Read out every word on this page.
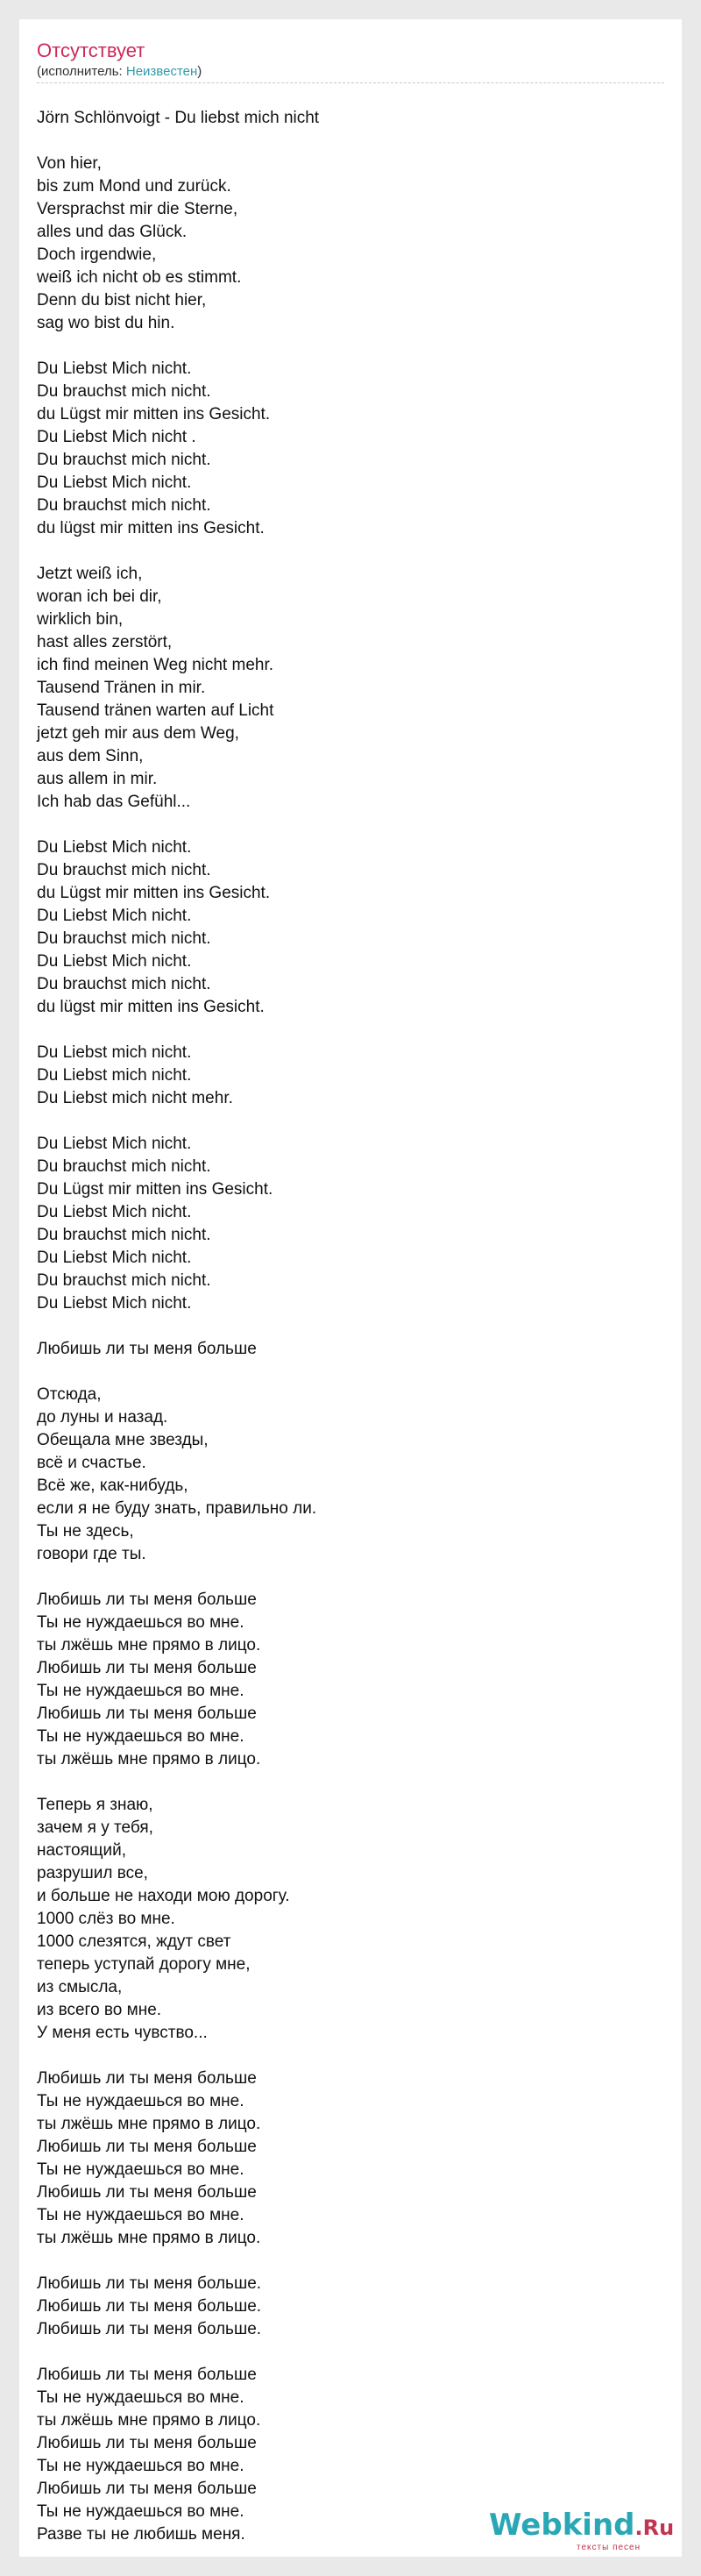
Отсутствует
(исполнитель: Неизвестен)

Jörn Schlönvoigt - Du liebst mich nicht

Von hier,
bis zum Mond und zurück.
Versprachst mir die Sterne,
alles und das Glück.
Doch irgendwie,
weiß ich nicht ob es stimmt.
Denn du bist nicht hier,
sag wo bist du hin.

Du Liebst Mich nicht.
Du brauchst mich nicht.
du Lügst mir mitten ins Gesicht.
Du Liebst Mich nicht .
Du brauchst mich nicht.
Du Liebst Mich nicht.
Du brauchst mich nicht.
du lügst mir mitten ins Gesicht.

Jetzt weiß ich,
woran ich bei dir,
wirklich bin,
hast alles zerstört,
ich find meinen Weg nicht mehr.
Tausend Tränen in mir.
Tausend tränen warten auf Licht
jetzt geh mir aus dem Weg,
aus dem Sinn,
aus allem in mir.
Ich hab das Gefühl...

Du Liebst Mich nicht.
Du brauchst mich nicht.
du Lügst mir mitten ins Gesicht.
Du Liebst Mich nicht.
Du brauchst mich nicht.
Du Liebst Mich nicht.
Du brauchst mich nicht.
du lügst mir mitten ins Gesicht.

Du Liebst mich nicht.
Du Liebst mich nicht.
Du Liebst mich nicht mehr.

Du Liebst Mich nicht.
Du brauchst mich nicht.
Du Lügst mir mitten ins Gesicht.
Du Liebst Mich nicht.
Du brauchst mich nicht.
Du Liebst Mich nicht.
Du brauchst mich nicht.
Du Liebst Mich nicht.

Любишь ли ты меня больше

Отсюда,
до луны и назад.
Обещала мне звезды,
всё и счастье.
Всё же, как-нибудь,
если я не буду знать, правильно ли.
Ты не здесь,
говори где ты.

Любишь ли ты меня больше
Ты не нуждаешься во мне.
ты лжёшь мне прямо в лицо.
Любишь ли ты меня больше
Ты не нуждаешься во мне.
Любишь ли ты меня больше
Ты не нуждаешься во мне.
ты лжёшь мне прямо в лицо.

Теперь я знаю,
зачем я у тебя,
настоящий,
разрушил все,
и больше не находи мою дорогу.
1000 слёз во мне.
1000 слезятся, ждут свет
теперь уступай дорогу мне,
из смысла,
из всего во мне.
У меня есть чувство...

Любишь ли ты меня больше
Ты не нуждаешься во мне.
ты лжёшь мне прямо в лицо.
Любишь ли ты меня больше
Ты не нуждаешься во мне.
Любишь ли ты меня больше
Ты не нуждаешься во мне.
ты лжёшь мне прямо в лицо.

Любишь ли ты меня больше.
Любишь ли ты меня больше.
Любишь ли ты меня больше.

Любишь ли ты меня больше
Ты не нуждаешься во мне.
ты лжёшь мне прямо в лицо.
Любишь ли ты меня больше
Ты не нуждаешься во мне.
Любишь ли ты меня больше
Ты не нуждаешься во мне.
Разве ты не любишь меня.	Webkind.Ru
тексты песен
